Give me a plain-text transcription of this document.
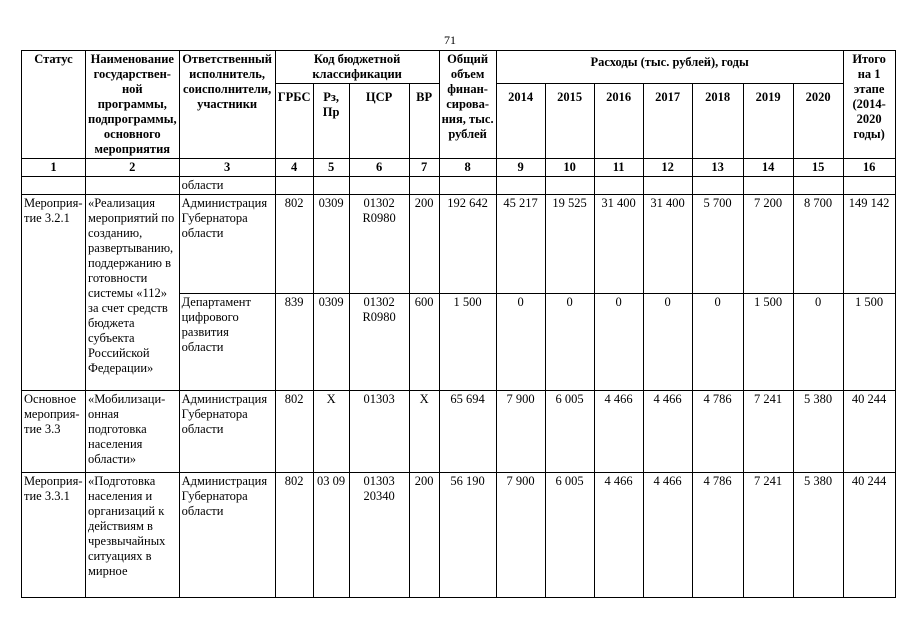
71
Статус	Наименование государствен-ной программы, подпрограммы, основного мероприятия	Ответственный исполнитель, соисполнители, участники	Код бюджетной классификации				Общий объем финан-сирова-ния, тыс. рублей	Расходы (тыс. рублей), годы							Итого на 1 этапе (2014-2020 годы)
			ГРБС	Рз, Пр	ЦСР	ВР		2014	2015	2016	2017	2018	2019	2020	
1	2	3	4	5	6	7	8	9	10	11	12	13	14	15	16
		области													
Мероприя-тие 3.2.1	«Реализация мероприятий по созданию, развертыванию, поддержанию в готовности системы «112» за счет средств бюджета субъекта Российской Федерации»	Администрация Губернатора области	802	0309	01302 R0980	200	192 642	45 217	19 525	31 400	31 400	5 700	7 200	8 700	149 142
		Департамент цифрового развития области	839	0309	01302 R0980	600	1 500	0	0	0	0	0	1 500	0	1 500
Основное мероприя-тие 3.3	«Мобилизаци-онная подготовка населения области»	Администрация Губернатора области	802	X	01303	X	65 694	7 900	6 005	4 466	4 466	4 786	7 241	5 380	40 244
Мероприя-тие 3.3.1	«Подготовка населения и организаций к действиям в чрезвычайных ситуациях в мирное	Администрация Губернатора области	802	03 09	01303 20340	200	56 190	7 900	6 005	4 466	4 466	4 786	7 241	5 380	40 244
